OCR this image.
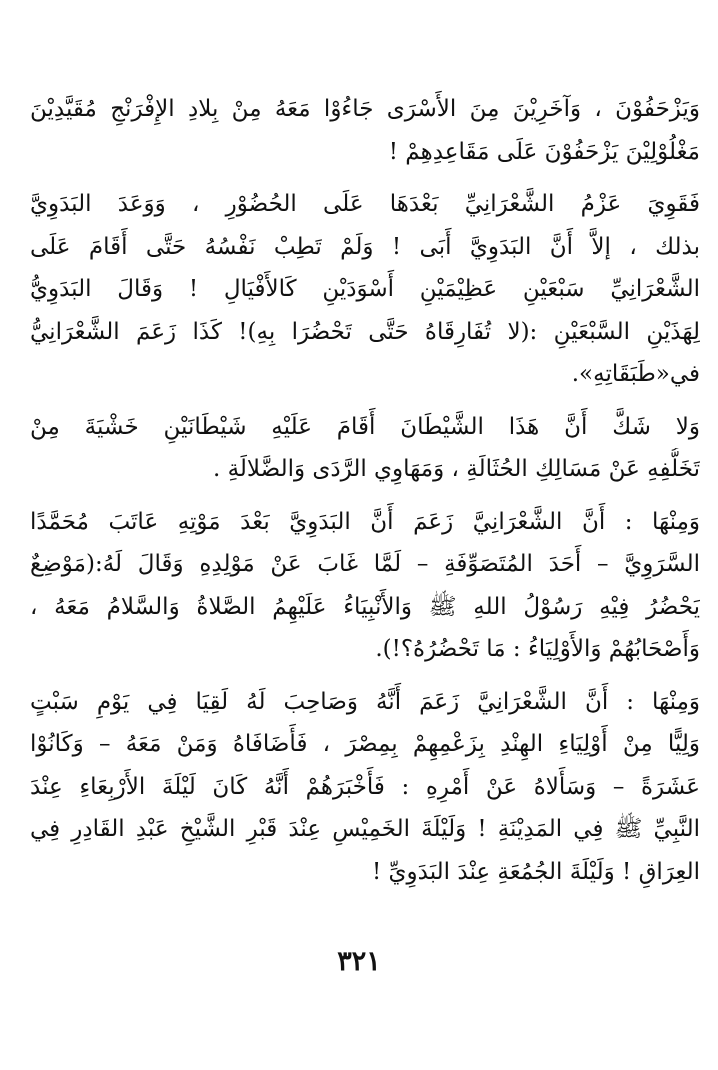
وَيَزْحَفُوْنَ ، وَآخَرِيْنَ مِنَ الأَسْرَى جَاءُوْا مَعَهُ مِنْ بِلادِ الإِفْرَنْجِ مُقَيَّدِيْنَ
مَغْلُوْلِيْنَ يَزْحَفُوْنَ عَلَى مَقَاعِدِهِمْ !
فَقَوِيَ عَزْمُ الشَّعْرَانِيِّ بَعْدَهَا عَلَى الحُضُوْرِ ، وَوَعَدَ البَدَوِيَّ
بذلك ، إلاَّ أَنَّ البَدَوِيَّ أَبَى ! وَلَمْ تَطِبْ نَفْسُهُ حَتَّى أَقَامَ عَلَى
الشَّعْرَانِيِّ سَبْعَيْنِ عَظِيْمَيْنِ أَسْوَدَيْنِ كَالأَفْيَالِ ! وَقَالَ البَدَوِيُّ
لِهَذَيْنِ السَّبْعَيْنِ :(لا تُفَارِقَاهُ حَتَّى تَحْضُرَا بِهِ)! كَذَا زَعَمَ الشَّعْرَانِيُّ
في«طَبَقَاتِهِ».
وَلا شَكَّ أَنَّ هَذَا الشَّيْطَانَ أَقَامَ عَلَيْهِ شَيْطَانَيْنِ خَشْيَةَ مِنْ
تَخَلُّفِهِ عَنْ مَسَالِكِ الحُثَالَةِ ، وَمَهَاوِي الرَّدَى وَالضَّلالَةِ .
وَمِنْهَا : أَنَّ الشَّعْرَانِيَّ زَعَمَ أَنَّ البَدَوِيَّ بَعْدَ مَوْتِهِ عَاتَبَ مُحَمَّدًا
السَّرَوِيَّ – أَحَدَ المُتَصَوِّفَةِ – لَمَّا غَابَ عَنْ مَوْلِدِهِ وَقَالَ لَهُ:(مَوْضِعٌ
يَحْضُرُ فِيْهِ رَسُوْلُ اللهِ ﷺ وَالأَنْبِيَاءُ عَلَيْهِمُ الصَّلاةُ وَالسَّلامُ مَعَهُ ،
وَأَصْحَابُهُمْ وَالأَوْلِيَاءُ : مَا تَحْضُرُهُ؟!).
وَمِنْهَا : أَنَّ الشَّعْرَانِيَّ زَعَمَ أَنَّهُ وَصَاحِبَ لَهُ لَقِيَا فِي يَوْمِ سَبْتٍ
وَلِيًّا مِنْ أَوْلِيَاءِ الهِنْدِ بِزَعْمِهِمْ بِمِصْرَ ، فَأَضَافَاهُ وَمَنْ مَعَهُ – وَكَانُوْا
عَشَرَةً – وَسَأَلاهُ عَنْ أَمْرِهِ : فَأَخْبَرَهُمْ أَنَّهُ كَانَ لَيْلَةَ الأَرْبِعَاءِ عِنْدَ
النَّبِيِّ ﷺ فِي المَدِيْنَةِ ! وَلَيْلَةَ الخَمِيْسِ عِنْدَ قَبْرِ الشَّيْخِ عَبْدِ القَادِرِ فِي
العِرَاقِ ! وَلَيْلَةَ الجُمُعَةِ عِنْدَ البَدَوِيِّ !
٣٢١
